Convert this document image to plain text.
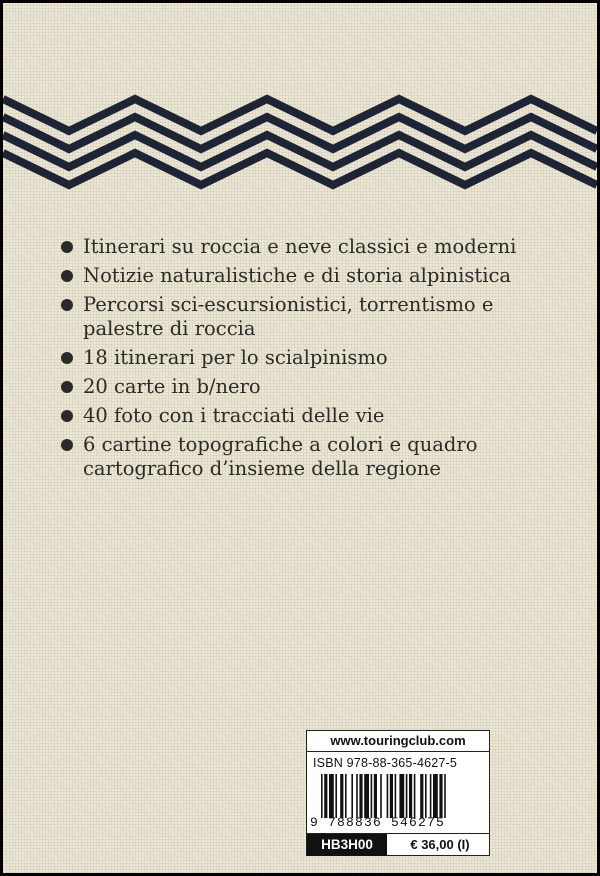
Itinerari su roccia e neve classici e moderni
Notizie naturalistiche e di storia alpinistica
Percorsi sci-escursionistici, torrentismo e palestre di roccia
18 itinerari per lo scialpinismo
20 carte in b/nero
40 foto con i tracciati delle vie
6 cartine topografiche a colori e quadro cartografico d’insieme della regione
www.touringclub.com
ISBN 978-88-365-4627-5
9 788836 546275
HB3H00	€ 36,00 (I)
